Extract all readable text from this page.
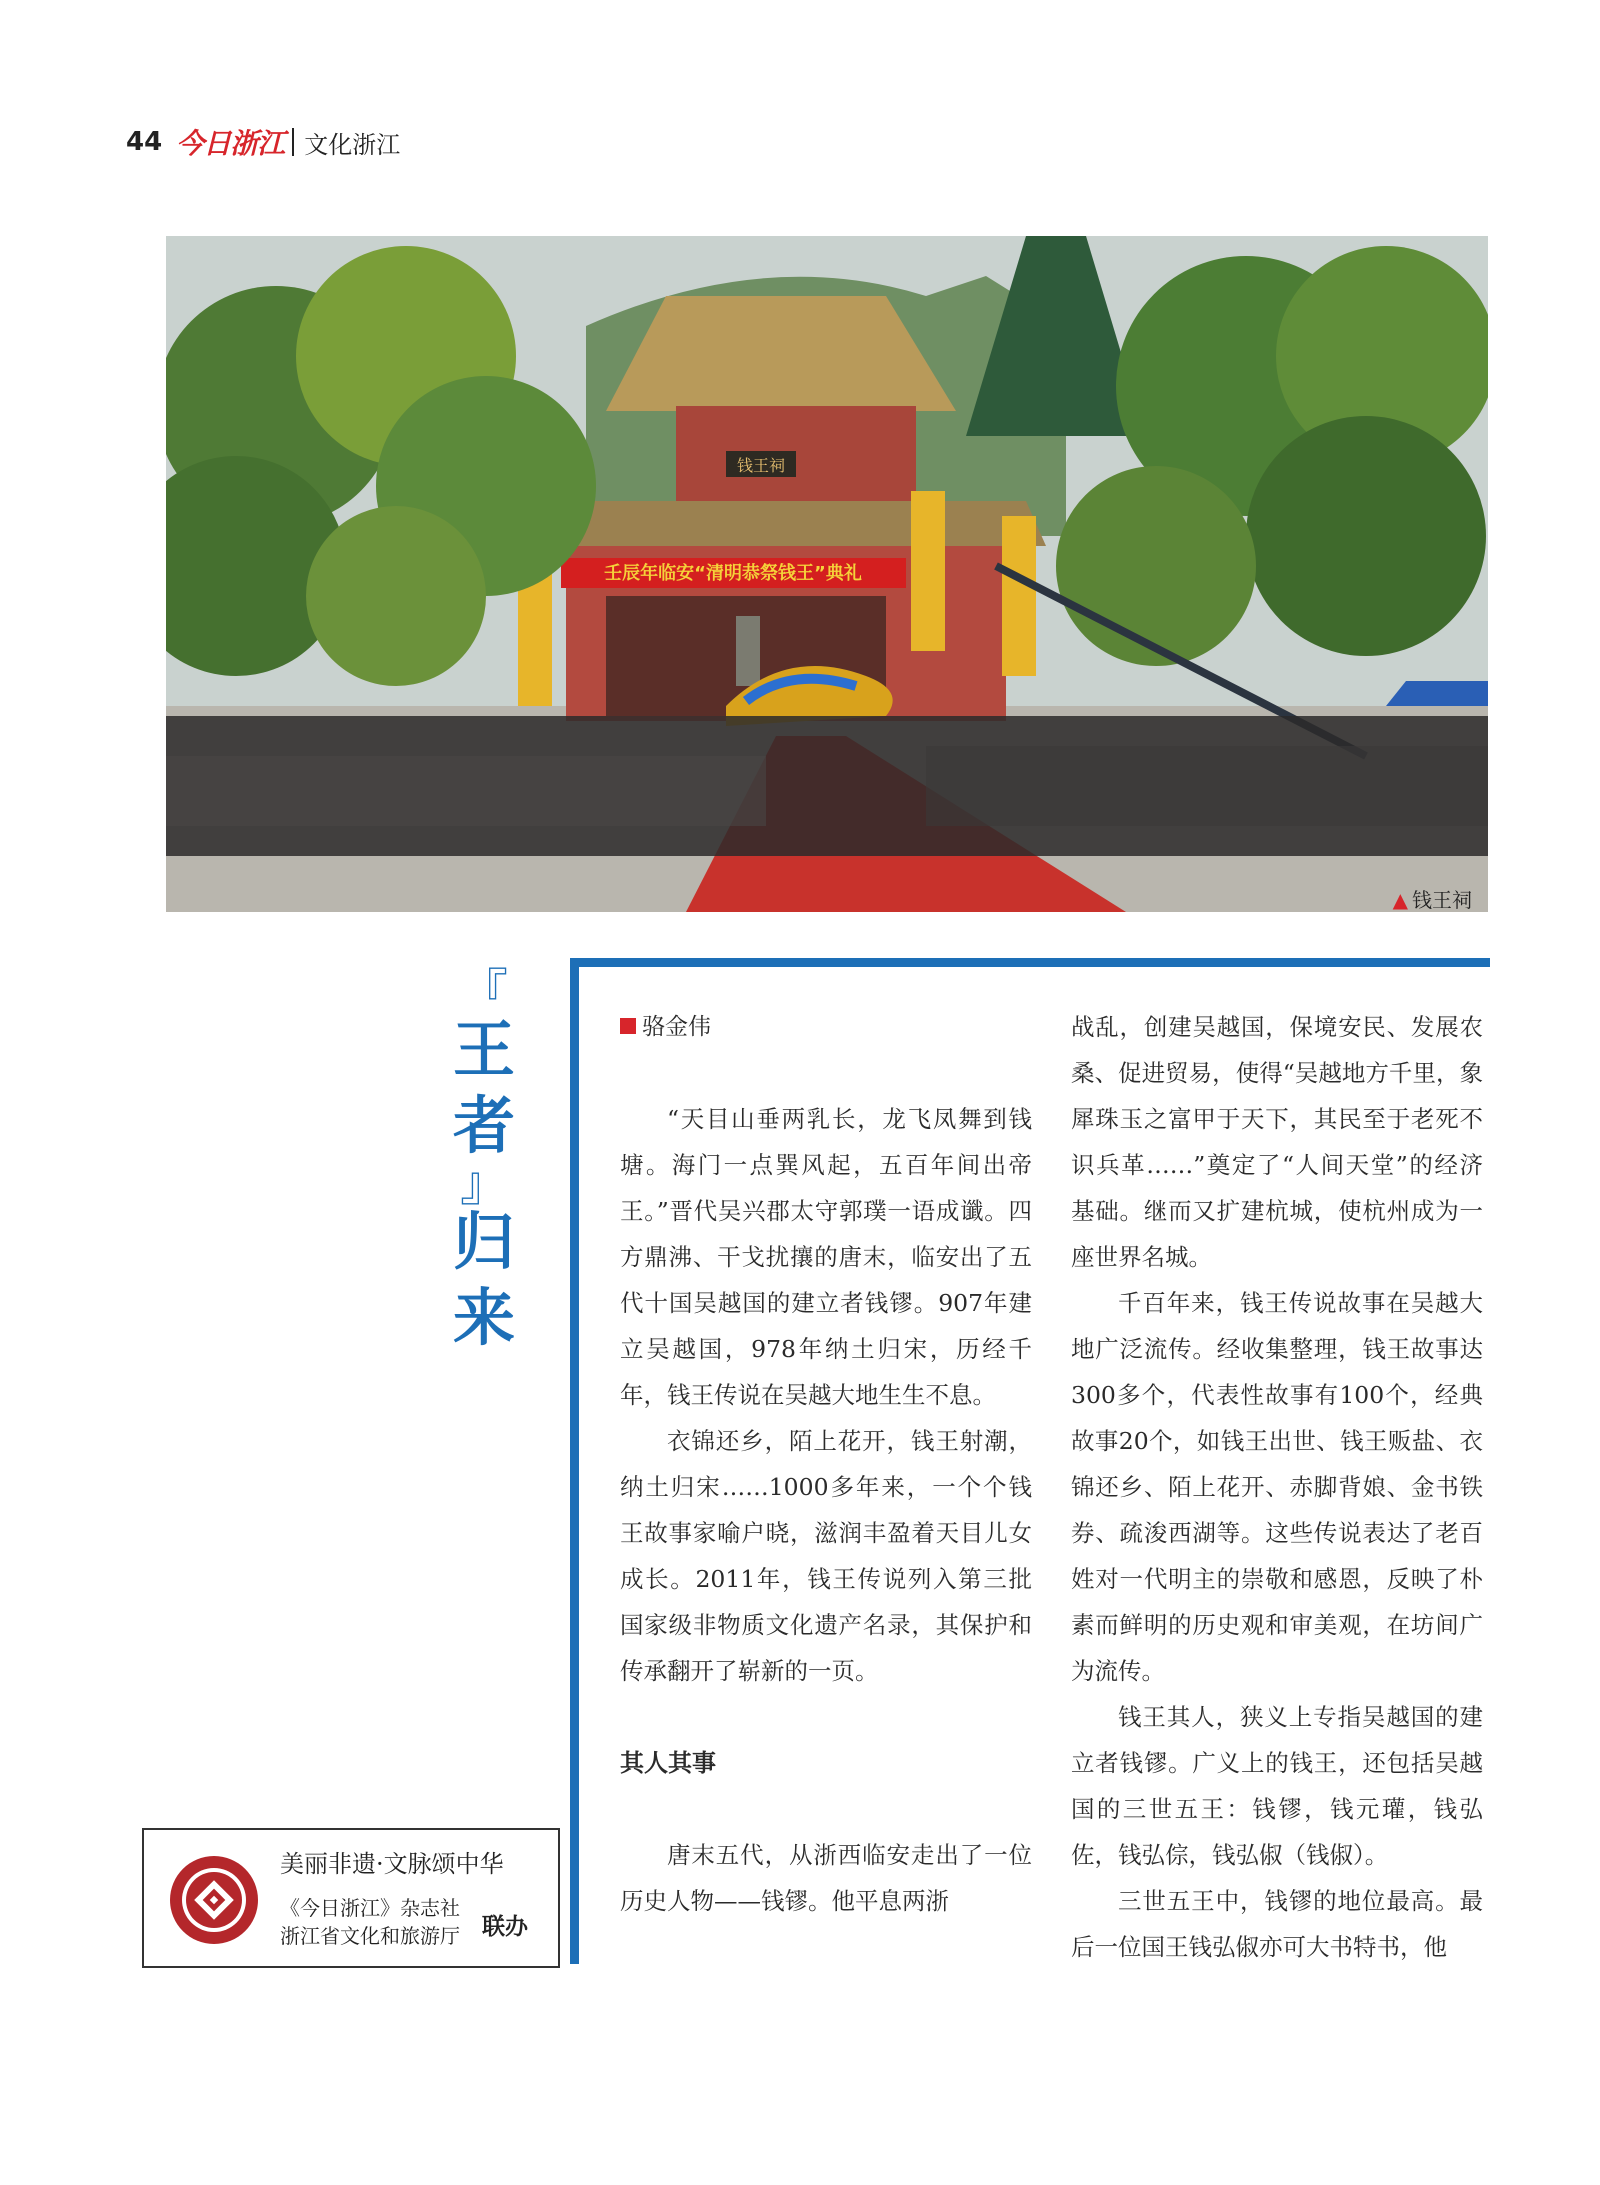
44 今日浙江 文化浙江
钱王祠
壬辰年临安“清明恭祭钱王”典礼
▲ 钱王祠
『
王
者
』
归
来
骆金伟

“天目山垂两乳长，龙飞凤舞到钱塘。海门一点巽风起，五百年间出帝王。”晋代吴兴郡太守郭璞一语成谶。四方鼎沸、干戈扰攘的唐末，临安出了五代十国吴越国的建立者钱镠。907年建立吴越国，978年纳土归宋，历经千年，钱王传说在吴越大地生生不息。

衣锦还乡，陌上花开，钱王射潮，纳土归宋……1000多年来，一个个钱王故事家喻户晓，滋润丰盈着天目儿女成长。2011年，钱王传说列入第三批国家级非物质文化遗产名录，其保护和传承翻开了崭新的一页。

其人其事

唐末五代，从浙西临安走出了一位历史人物——钱镠。他平息两浙

战乱，创建吴越国，保境安民、发展农桑、促进贸易，使得“吴越地方千里，象犀珠玉之富甲于天下，其民至于老死不识兵革……”奠定了“人间天堂”的经济基础。继而又扩建杭城，使杭州成为一座世界名城。

千百年来，钱王传说故事在吴越大地广泛流传。经收集整理，钱王故事达300多个，代表性故事有100个，经典故事20个，如钱王出世、钱王贩盐、衣锦还乡、陌上花开、赤脚背娘、金书铁券、疏浚西湖等。这些传说表达了老百姓对一代明主的崇敬和感恩，反映了朴素而鲜明的历史观和审美观，在坊间广为流传。

钱王其人，狭义上专指吴越国的建立者钱镠。广义上的钱王，还包括吴越国的三世五王：钱镠，钱元瓘，钱弘佐，钱弘倧，钱弘俶（钱俶）。

三世五王中，钱镠的地位最高。最后一位国王钱弘俶亦可大书特书，他

美丽非遗·文脉颂中华
《今日浙江》杂志社
浙江省文化和旅游厅 联办
